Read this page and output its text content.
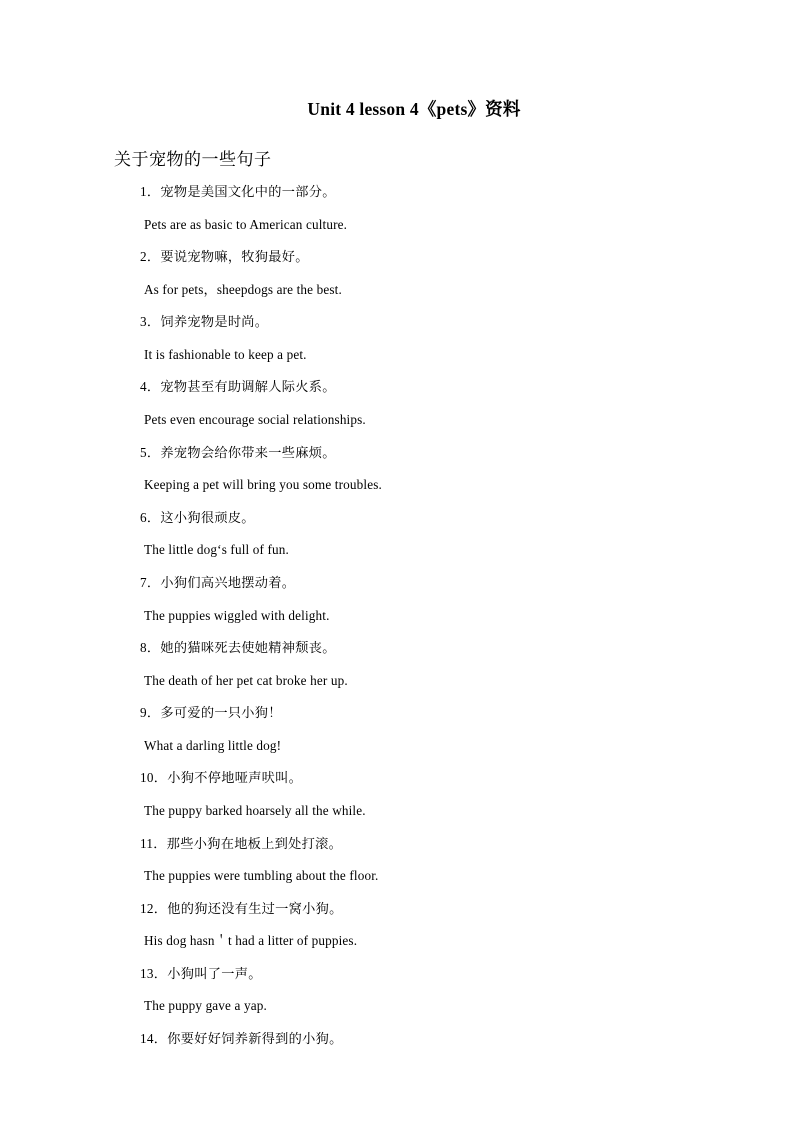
Unit 4 lesson 4《pets》资料
关于宠物的一些句子
1．宠物是美国文化中的一部分。
Pets are as basic to American culture.
2．要说宠物嘛，牧狗最好。
As for pets，sheepdogs are the best.
3．饲养宠物是时尚。
It is fashionable to keep a pet.
4．宠物甚至有助调解人际火系。
Pets even encourage social relationships.
5．养宠物会给你带来一些麻烦。
Keeping a pet will bring you some troubles.
6．这小狗很顽皮。
The little dog‘s full of fun.
7．小狗们高兴地摆动着。
The puppies wiggled with delight.
8．她的猫咪死去使她精神颓丧。
The death of her pet cat broke her up.
9．多可爱的一只小狗！
What a darling little dog!
10．小狗不停地哑声吠叫。
The puppy barked hoarsely all the while.
11．那些小狗在地板上到处打滚。
The puppies were tumbling about the floor.
12．他的狗还没有生过一窝小狗。
His dog hasn＇t had a litter of puppies.
13．小狗叫了一声。
The puppy gave a yap.
14．你要好好饲养新得到的小狗。
